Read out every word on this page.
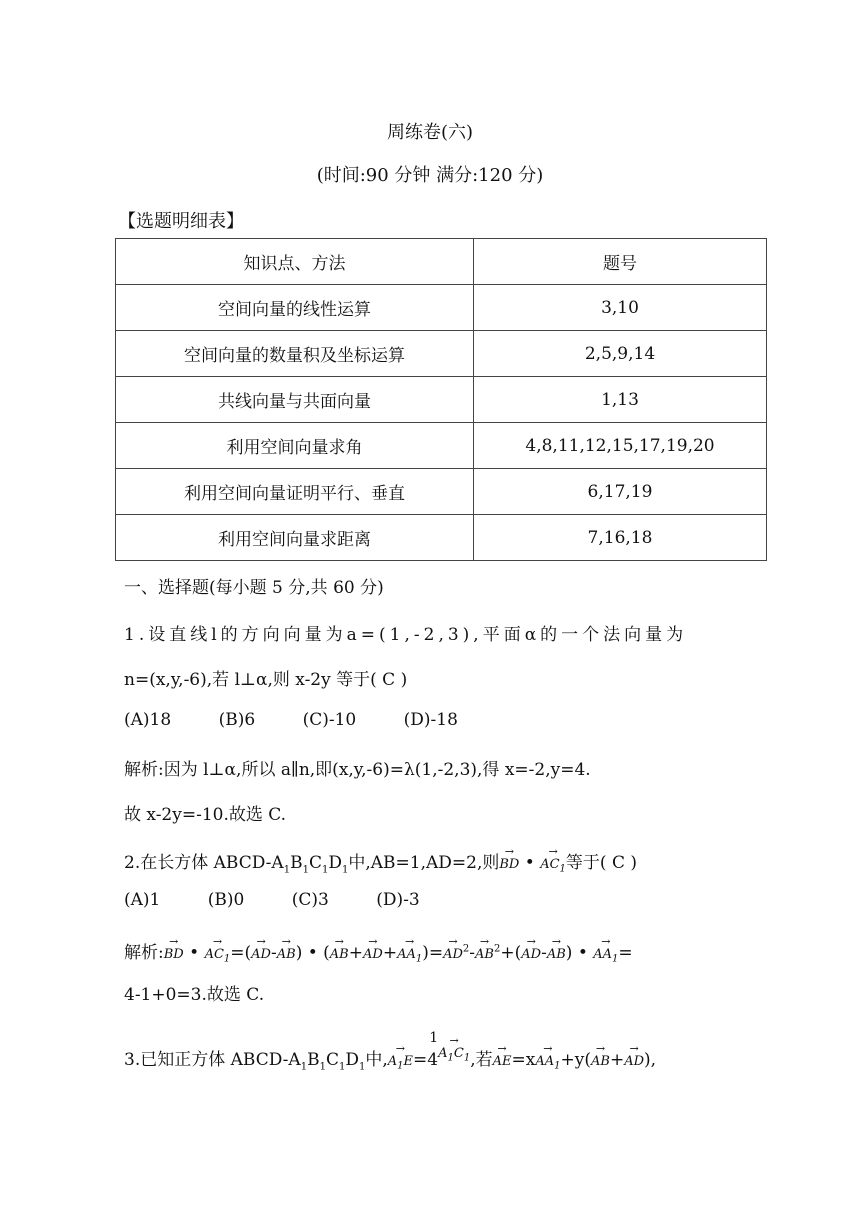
周练卷(六)
(时间:90 分钟 满分:120 分)
【选题明细表】
知识点、方法	题号
空间向量的线性运算	3,10
空间向量的数量积及坐标运算	2,5,9,14
共线向量与共面向量	1,13
利用空间向量求角	4,8,11,12,15,17,19,20
利用空间向量证明平行、垂直	6,17,19
利用空间向量求距离	7,16,18
一、选择题(每小题 5 分,共 60 分)
1.设直线l的方向向量为a=(1,-2,3),平面α的一个法向量为
n=(x,y,-6),若 l⊥α,则 x-2y 等于( C )
(A)18	(B)6	(C)-10	(D)-18
解析:因为 l⊥α,所以 a∥n,即(x,y,-6)=λ(1,-2,3),得 x=-2,y=4.
故 x-2y=-10.故选 C.
2.在长方体 ABCD-$A_1B_1C_1D_1$中,AB=1,AD=2,则→ BD • → $AC_1$等于( C )
(A)1	(B)0	(C)3	(D)-3
解析:→ BD • → $AC_1=(\to AD-\to AB)$ • (→ $AB+\to AD+\to AA_1)=\to AD^2-\to AB^2+(\to AD-\to AB)$ • → $AA_1=$
4-1+0=3.故选 C.
3.已知正方体 ABCD-$A_1B_1C_1D_1$中,→ $A_1E=$
1
$4\to A_1C_1$,若→ $AE=x\to AA_1+y(\to AB+\to AD)$,
